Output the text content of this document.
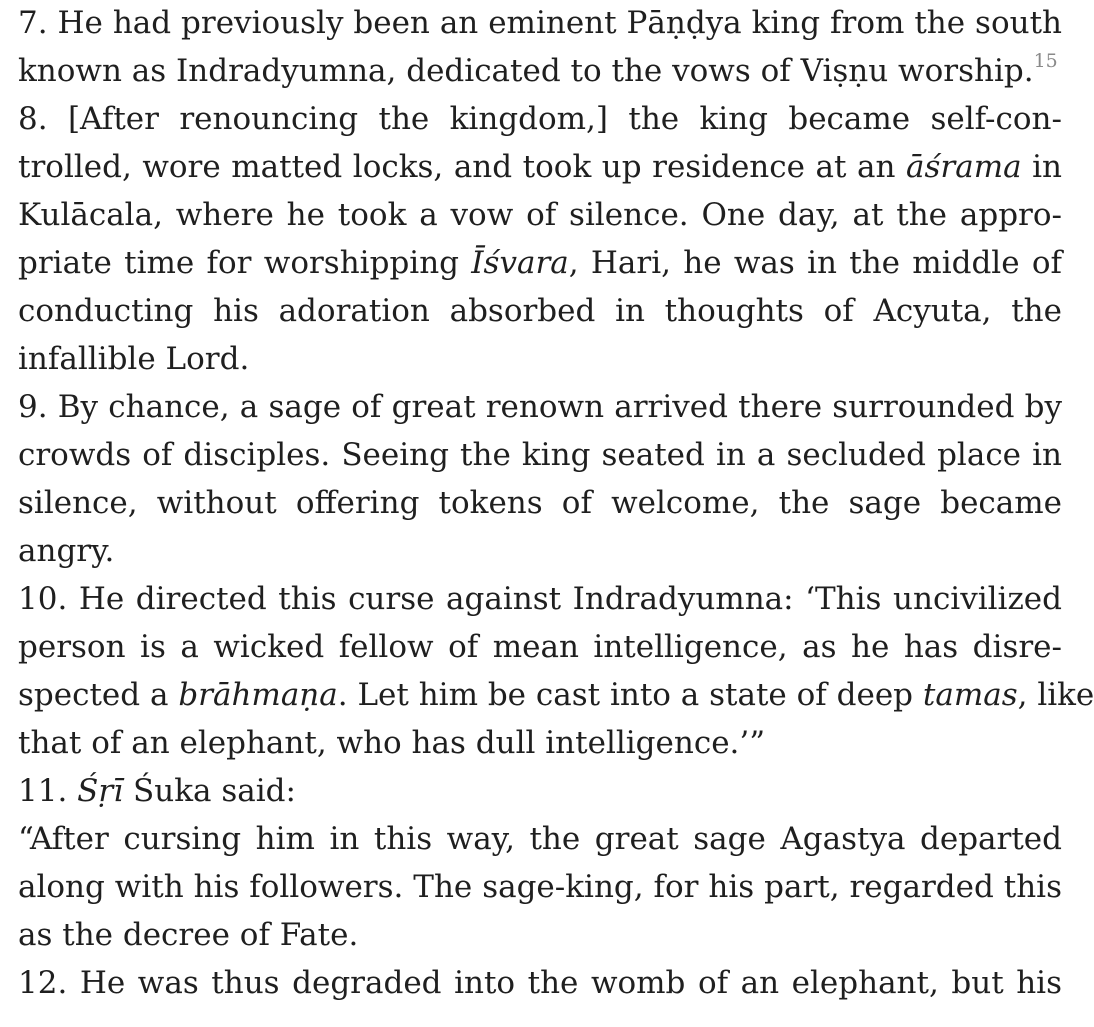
7. He had previously been an eminent Pāṇḍya king from the south
known as Indradyumna, dedicated to the vows of Viṣṇu worship.$^{15}$
8. [After renouncing the kingdom,] the king became self-con-
trolled, wore matted locks, and took up residence at an āśrama in
Kulācala, where he took a vow of silence. One day, at the appro-
priate time for worshipping Īśvara, Hari, he was in the middle of
conducting his adoration absorbed in thoughts of Acyuta, the
infallible Lord.
9. By chance, a sage of great renown arrived there surrounded by
crowds of disciples. Seeing the king seated in a secluded place in
silence, without offering tokens of welcome, the sage became
angry.
10. He directed this curse against Indradyumna: ‘This uncivilized
person is a wicked fellow of mean intelligence, as he has disre-
spected a brāhmaṇa. Let him be cast into a state of deep tamas, like
that of an elephant, who has dull intelligence.’”
11. Śṛī Śuka said:
“After cursing him in this way, the great sage Agastya departed
along with his followers. The sage-king, for his part, regarded this
as the decree of Fate.
12. He was thus degraded into the womb of an elephant, but his
